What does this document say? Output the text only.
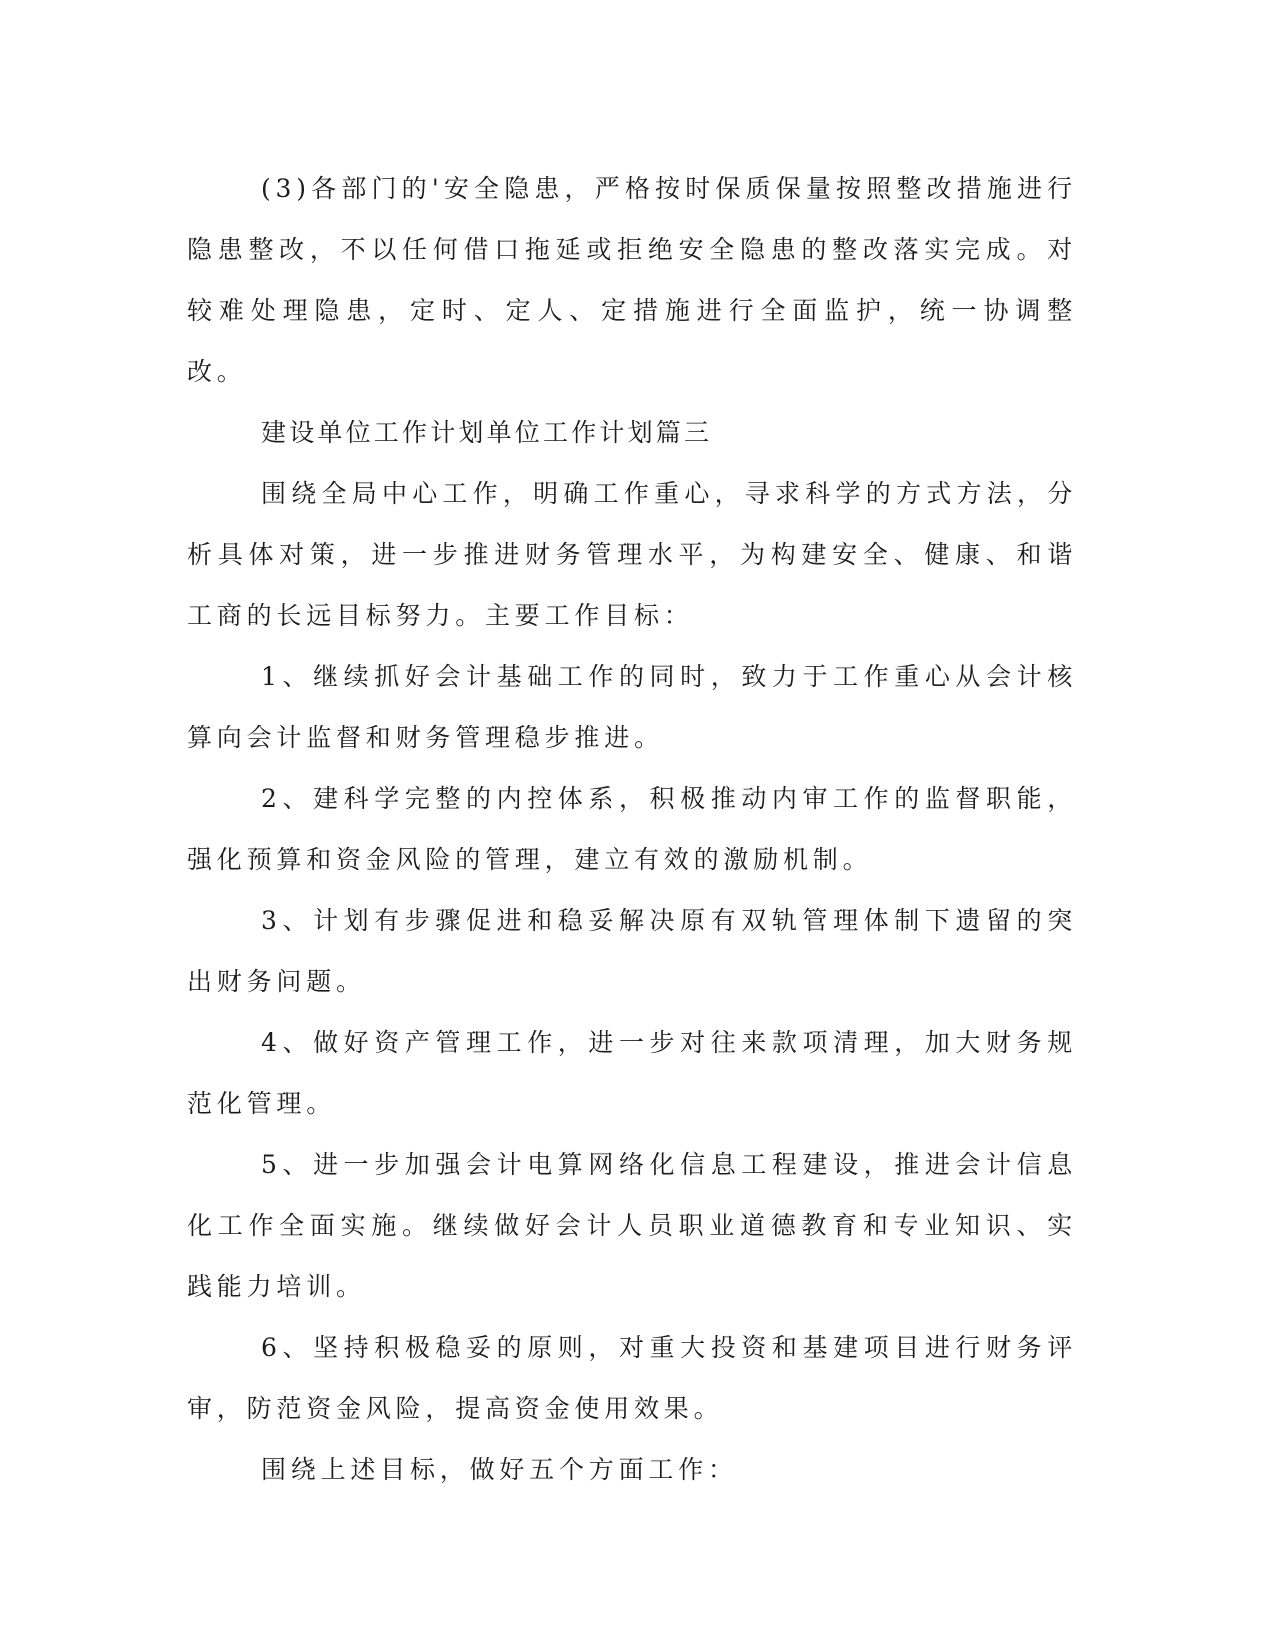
(3)各部门的'安全隐患，严格按时保质保量按照整改措施进行隐患整改，不以任何借口拖延或拒绝安全隐患的整改落实完成。对较难处理隐患，定时、定人、定措施进行全面监护，统一协调整改。

建设单位工作计划单位工作计划篇三

围绕全局中心工作，明确工作重心，寻求科学的方式方法，分析具体对策，进一步推进财务管理水平，为构建安全、健康、和谐工商的长远目标努力。主要工作目标：

1、继续抓好会计基础工作的同时，致力于工作重心从会计核算向会计监督和财务管理稳步推进。

2、建科学完整的内控体系，积极推动内审工作的监督职能，强化预算和资金风险的管理，建立有效的激励机制。

3、计划有步骤促进和稳妥解决原有双轨管理体制下遗留的突出财务问题。

4、做好资产管理工作，进一步对往来款项清理，加大财务规范化管理。

5、进一步加强会计电算网络化信息工程建设，推进会计信息化工作全面实施。继续做好会计人员职业道德教育和专业知识、实践能力培训。

6、坚持积极稳妥的原则，对重大投资和基建项目进行财务评审，防范资金风险，提高资金使用效果。

围绕上述目标，做好五个方面工作：
